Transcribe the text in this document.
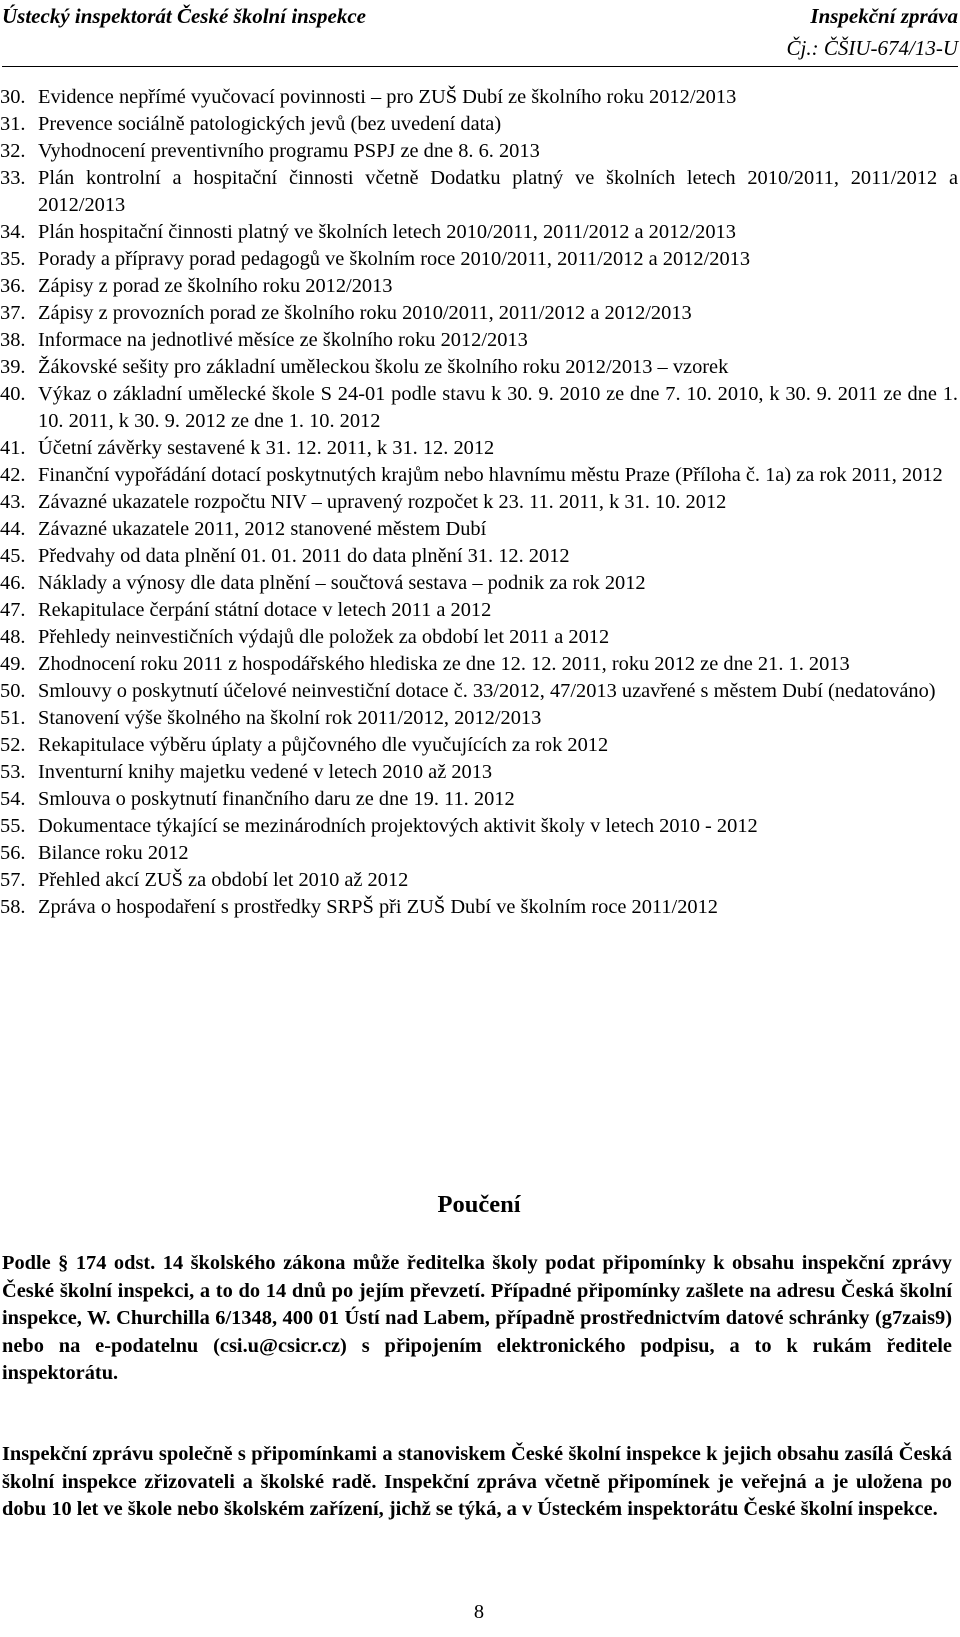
Ústecký inspektorát České školní inspekce	Inspekční zpráva
Čj.: ČŠIU-674/13-U
30. Evidence nepřímé vyučovací povinnosti – pro ZUŠ Dubí ze školního roku 2012/2013
31. Prevence sociálně patologických jevů (bez uvedení data)
32. Vyhodnocení preventivního programu PSPJ ze dne 8. 6. 2013
33. Plán kontrolní a hospitační činnosti včetně Dodatku platný ve školních letech 2010/2011, 2011/2012 a 2012/2013
34. Plán hospitační činnosti platný ve školních letech 2010/2011, 2011/2012 a 2012/2013
35. Porady a přípravy porad pedagogů ve školním roce 2010/2011, 2011/2012 a 2012/2013
36. Zápisy z porad ze školního roku 2012/2013
37. Zápisy z provozních porad ze školního roku 2010/2011, 2011/2012 a 2012/2013
38. Informace na jednotlivé měsíce ze školního roku 2012/2013
39. Žákovské sešity pro základní uměleckou školu ze školního roku 2012/2013 – vzorek
40. Výkaz o základní umělecké škole S 24-01 podle stavu k 30. 9. 2010 ze dne 7. 10. 2010, k 30. 9. 2011 ze dne 1. 10. 2011, k 30. 9. 2012 ze dne 1. 10. 2012
41. Účetní závěrky sestavené k 31. 12. 2011, k 31. 12. 2012
42. Finanční vypořádání dotací poskytnutých krajům nebo hlavnímu městu Praze (Příloha č. 1a) za rok 2011, 2012
43. Závazné ukazatele rozpočtu NIV – upravený rozpočet k 23. 11. 2011, k 31. 10. 2012
44. Závazné ukazatele 2011, 2012 stanovené městem Dubí
45. Předvahy od data plnění 01. 01. 2011 do data plnění 31. 12. 2012
46. Náklady a výnosy dle data plnění – součtová sestava – podnik za rok 2012
47. Rekapitulace čerpání státní dotace v letech 2011 a 2012
48. Přehledy neinvestičních výdajů dle položek za období let 2011 a 2012
49. Zhodnocení roku 2011 z hospodářského hlediska ze dne 12. 12. 2011, roku 2012 ze dne 21. 1. 2013
50. Smlouvy o poskytnutí účelové neinvestiční dotace č. 33/2012, 47/2013 uzavřené s městem Dubí (nedatováno)
51. Stanovení výše školného na školní rok 2011/2012, 2012/2013
52. Rekapitulace výběru úplaty a půjčovného dle vyučujících za rok 2012
53. Inventurní knihy majetku vedené v letech 2010 až 2013
54. Smlouva o poskytnutí finančního daru ze dne 19. 11. 2012
55. Dokumentace týkající se mezinárodních projektových aktivit školy v letech 2010 - 2012
56. Bilance roku 2012
57. Přehled akcí ZUŠ za období let 2010 až 2012
58. Zpráva o hospodaření s prostředky SRPŠ při ZUŠ Dubí ve školním roce 2011/2012
Poučení
Podle § 174 odst. 14 školského zákona může ředitelka školy podat připomínky k obsahu inspekční zprávy České školní inspekci, a to do 14 dnů po jejím převzetí. Případné připomínky zašlete na adresu Česká školní inspekce, W. Churchilla 6/1348, 400 01 Ústí nad Labem, případně prostřednictvím datové schránky (g7zais9) nebo na e-podatelnu (csi.u@csicr.cz) s připojením elektronického podpisu, a to k rukám ředitele inspektorátu.
Inspekční zprávu společně s připomínkami a stanoviskem České školní inspekce k jejich obsahu zasílá Česká školní inspekce zřizovateli a školské radě. Inspekční zpráva včetně připomínek je veřejná a je uložena po dobu 10 let ve škole nebo školském zařízení, jichž se týká, a v Ústeckém inspektorátu České školní inspekce.
8
